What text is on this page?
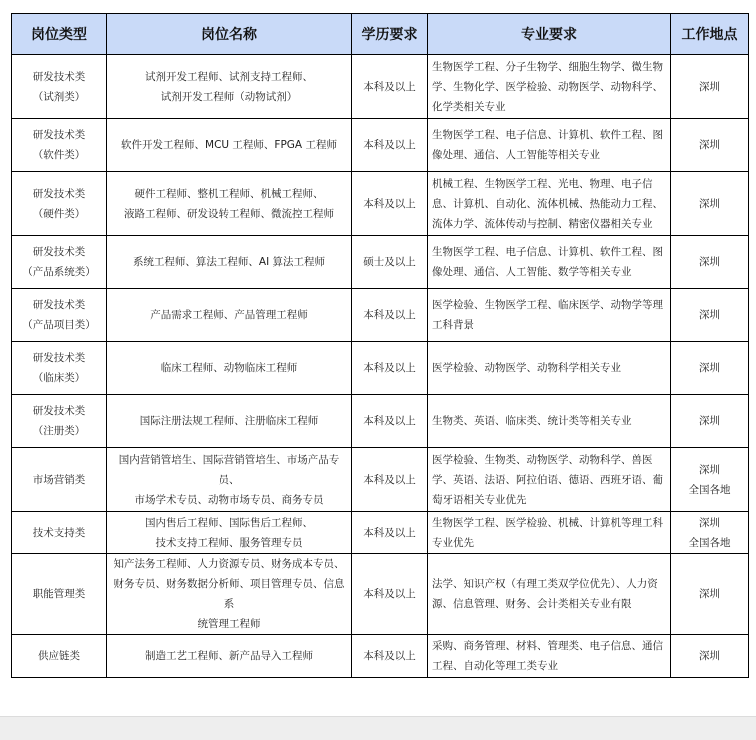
岗位类型	岗位名称	学历要求	专业要求	工作地点

研发技术类
（试剂类）	试剂开发工程师、试剂支持工程师、
试剂开发工程师（动物试剂）	本科及以上	生物医学工程、分子生物学、细胞生物学、微生物
学、生物化学、医学检验、动物医学、动物科学、
化学类相关专业	深圳

研发技术类
（软件类）	软件开发工程师、MCU 工程师、FPGA 工程师	本科及以上	生物医学工程、电子信息、计算机、软件工程、图
像处理、通信、人工智能等相关专业	深圳

研发技术类
（硬件类）	硬件工程师、整机工程师、机械工程师、
液路工程师、研发设转工程师、微流控工程师	本科及以上	机械工程、生物医学工程、光电、物理、电子信
息、计算机、自动化、流体机械、热能动力工程、
流体力学、流体传动与控制、精密仪器相关专业	深圳

研发技术类
（产品系统类）	系统工程师、算法工程师、AI 算法工程师	硕士及以上	生物医学工程、电子信息、计算机、软件工程、图
像处理、通信、人工智能、数学等相关专业	深圳

研发技术类
（产品项目类）	产品需求工程师、产品管理工程师	本科及以上	医学检验、生物医学工程、临床医学、动物学等理
工科背景	深圳

研发技术类
（临床类）	临床工程师、动物临床工程师	本科及以上	医学检验、动物医学、动物科学相关专业	深圳

研发技术类
（注册类）	国际注册法规工程师、注册临床工程师	本科及以上	生物类、英语、临床类、统计类等相关专业	深圳

市场营销类	国内营销管培生、国际营销管培生、市场产品专员、
市场学术专员、动物市场专员、商务专员	本科及以上	医学检验、生物类、动物医学、动物科学、兽医
学、英语、法语、阿拉伯语、德语、西班牙语、葡
萄牙语相关专业优先	深圳
全国各地

技术支持类	国内售后工程师、国际售后工程师、
技术支持工程师、服务管理专员	本科及以上	生物医学工程、医学检验、机械、计算机等理工科
专业优先	深圳
全国各地

职能管理类	知产法务工程师、人力资源专员、财务成本专员、
财务专员、财务数据分析师、项目管理专员、信息系
统管理工程师	本科及以上	法学、知识产权（有理工类双学位优先）、人力资
源、信息管理、财务、会计类相关专业有限	深圳

供应链类	制造工艺工程师、新产品导入工程师	本科及以上	采购、商务管理、材料、管理类、电子信息、通信
工程、自动化等理工类专业	深圳
